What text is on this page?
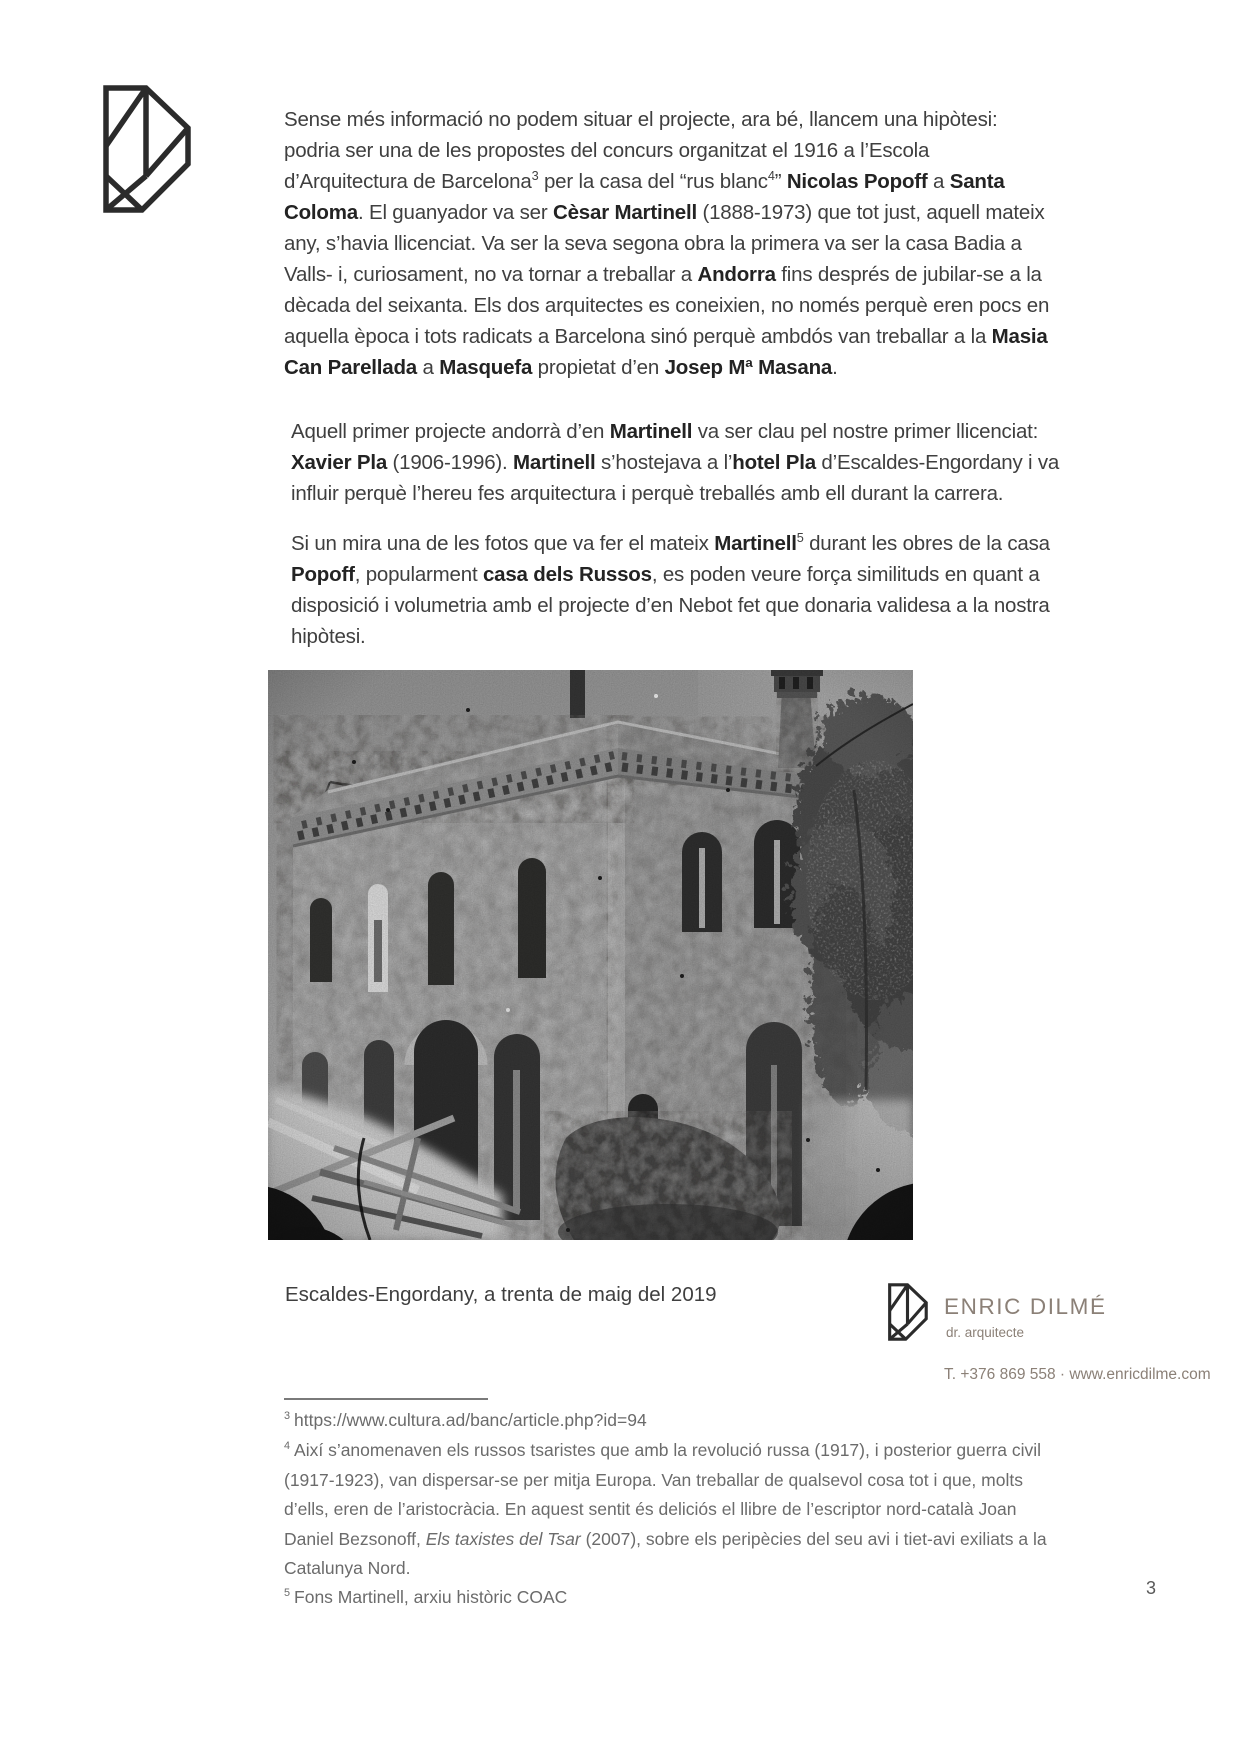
Sense més informació no podem situar el projecte, ara bé, llancem una hipòtesi: podria ser una de les propostes del concurs organitzat el 1916 a l’Escola d’Arquitectura de Barcelona$^3$ per la casa del “rus blanc$^4$” Nicolas Popoff a Santa Coloma. El guanyador va ser Cèsar Martinell (1888-1973) que tot just, aquell mateix any, s’havia llicenciat. Va ser la seva segona obra la primera va ser la casa Badia a Valls- i, curiosament, no va tornar a treballar a Andorra fins després de jubilar-se a la dècada del seixanta. Els dos arquitectes es coneixien, no només perquè eren pocs en aquella època i tots radicats a Barcelona sinó perquè ambdós van treballar a la Masia Can Parellada a Masquefa propietat d’en Josep Mª Masana.

Aquell primer projecte andorrà d’en Martinell va ser clau pel nostre primer llicenciat: Xavier Pla (1906-1996). Martinell s’hostejava a l’hotel Pla d’Escaldes-Engordany i va influir perquè l’hereu fes arquitectura i perquè treballés amb ell durant la carrera.

Si un mira una de les fotos que va fer el mateix Martinell$^5$ durant les obres de la casa Popoff, popularment casa dels Russos, es poden veure força similituds en quant a disposició i volumetria amb el projecte d’en Nebot fet que donaria validesa a la nostra hipòtesi.

Escaldes-Engordany, a trenta de maig del 2019	ENRIC DILMÉ
dr. arquitecte
T. +376 869 558 · www.enricdilme.com

$^3$ https://www.cultura.ad/banc/article.php?id=94

$^4$ Així s’anomenaven els russos tsaristes que amb la revolució russa (1917), i posterior guerra civil (1917-1923), van dispersar-se per mitja Europa. Van treballar de qualsevol cosa tot i que, molts d’ells, eren de l’aristocràcia. En aquest sentit és deliciós el llibre de l’escriptor nord-català Joan Daniel Bezsonoff, Els taxistes del Tsar (2007), sobre els peripècies del seu avi i tiet-avi exiliats a la Catalunya Nord.

$^5$ Fons Martinell, arxiu històric COAC	3
